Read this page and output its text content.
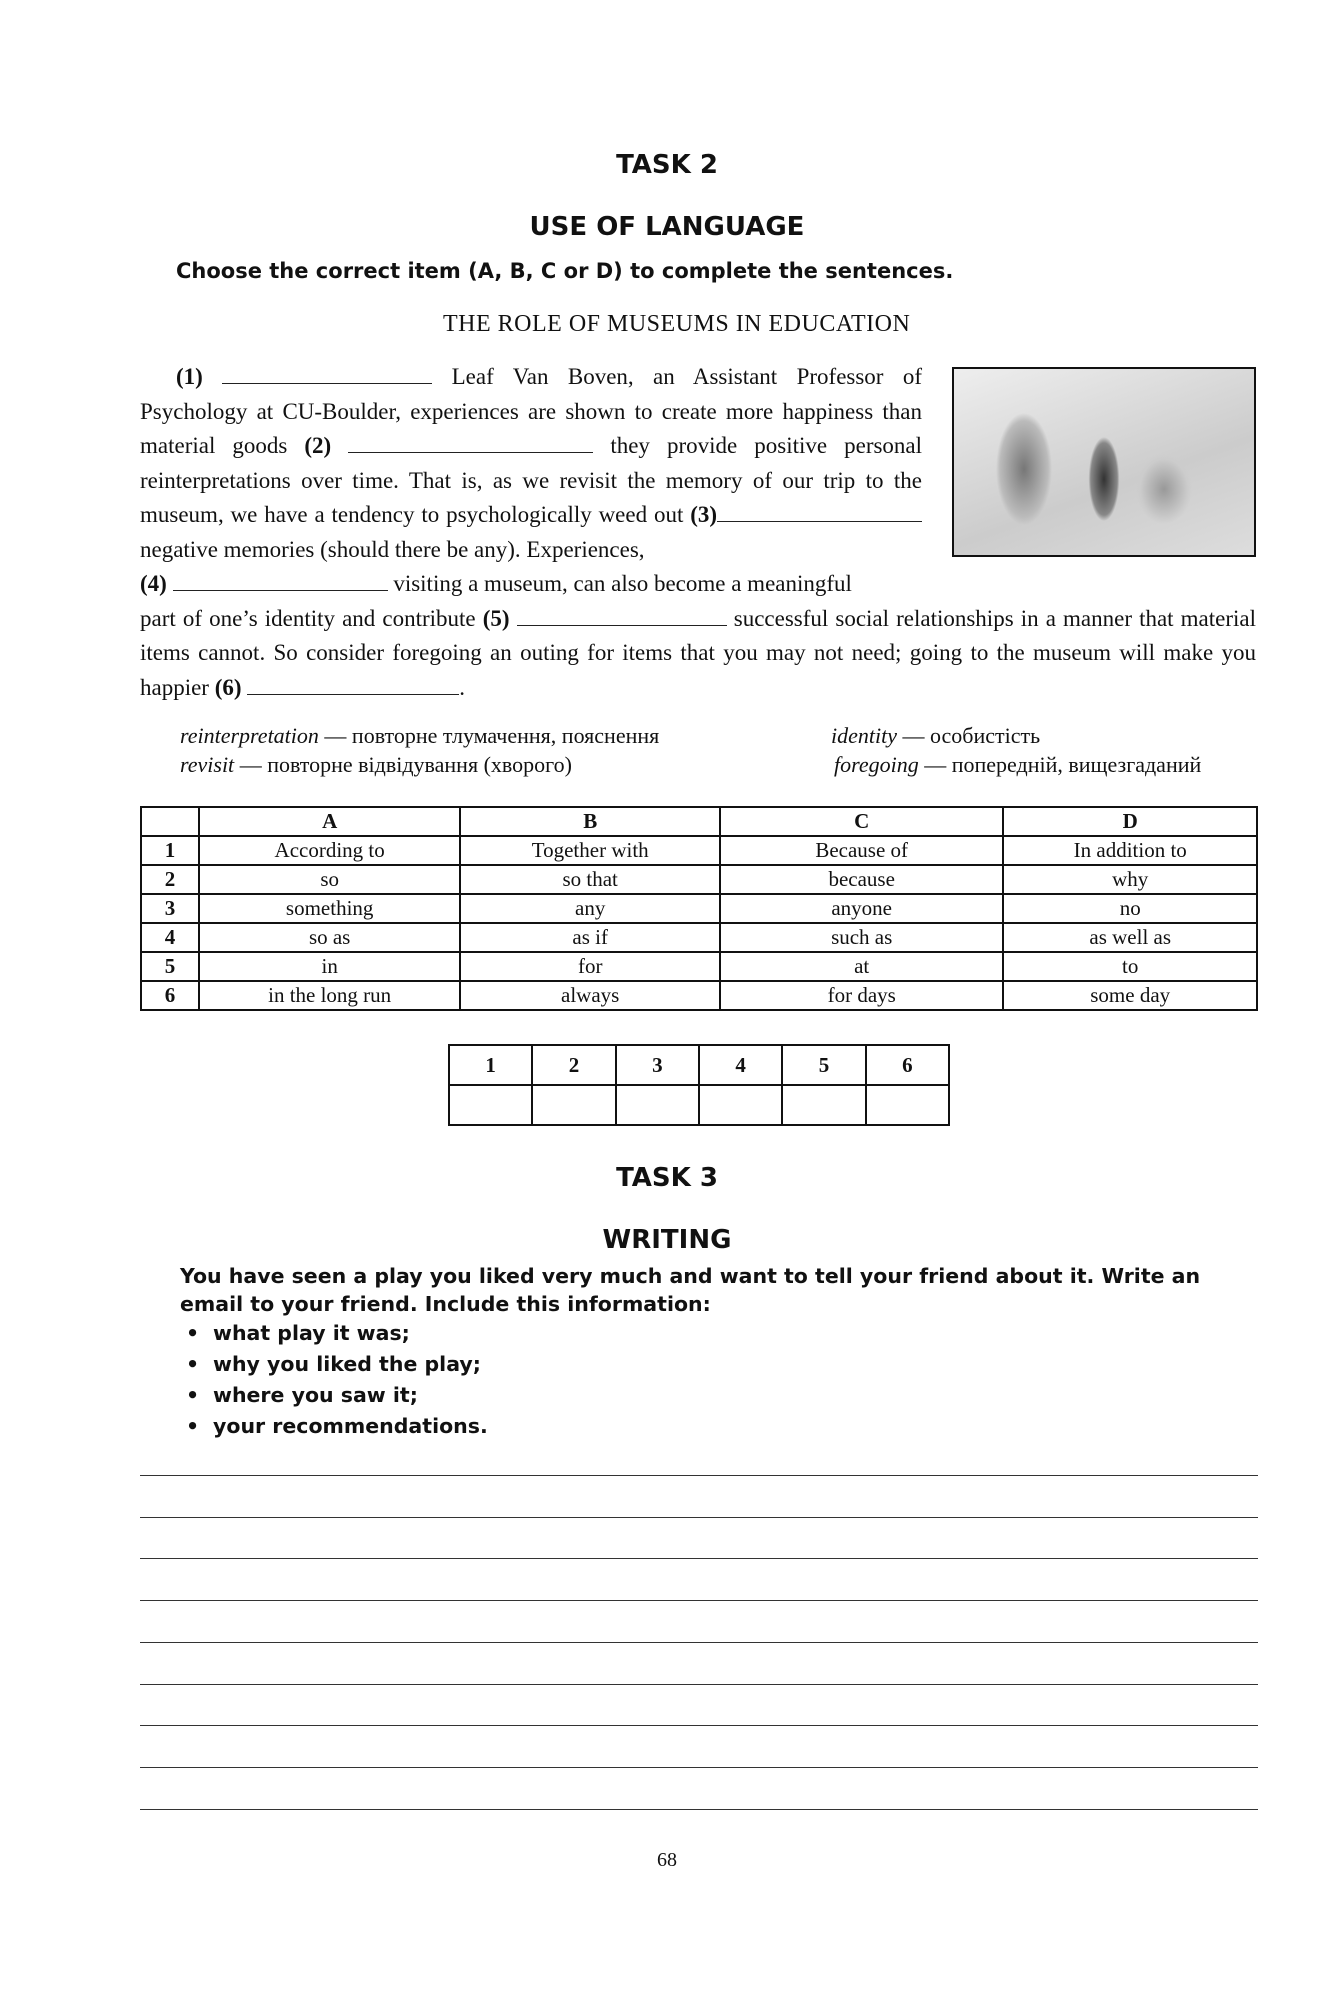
TASK 2
USE OF LANGUAGE
Choose the correct item (A, B, C or D) to complete the sentences.
THE ROLE OF MUSEUMS IN EDUCATION
(1)	Leaf Van Boven, an Assistant Professor of Psychology at CU-Boulder, experiences are shown to create more happiness than material goods (2)	they provide positive personal reinterpretations over time. That is, as we revisit the memory of our trip to the museum, we have a tendency to psychologically weed out (3) negative memories (should there be any). Experiences,
(4)	visiting a museum, can also become a meaningful
part of one’s identity and contribute (5)	successful social relationships in a manner that material items cannot. So consider foregoing an outing for items that you may not need; going to the museum will make you happier (6)	.
reinterpretation — повторне тлумачення, пояснення
revisit — повторне відвідування (хворого)
identity — особистість
foregoing — попередній, вищезгаданий
	A	B	C	D
1	According to	Together with	Because of	In addition to
2	so	so that	because	why
3	something	any	anyone	no
4	so as	as if	such as	as well as
5	in	for	at	to
6	in the long run	always	for days	some day
1	2	3	4	5	6

TASK 3
WRITING
You have seen a play you liked very much and want to tell your friend about it. Write an email to your friend. Include this information:
• what play it was;
• why you liked the play;
• where you saw it;
• your recommendations.
68
